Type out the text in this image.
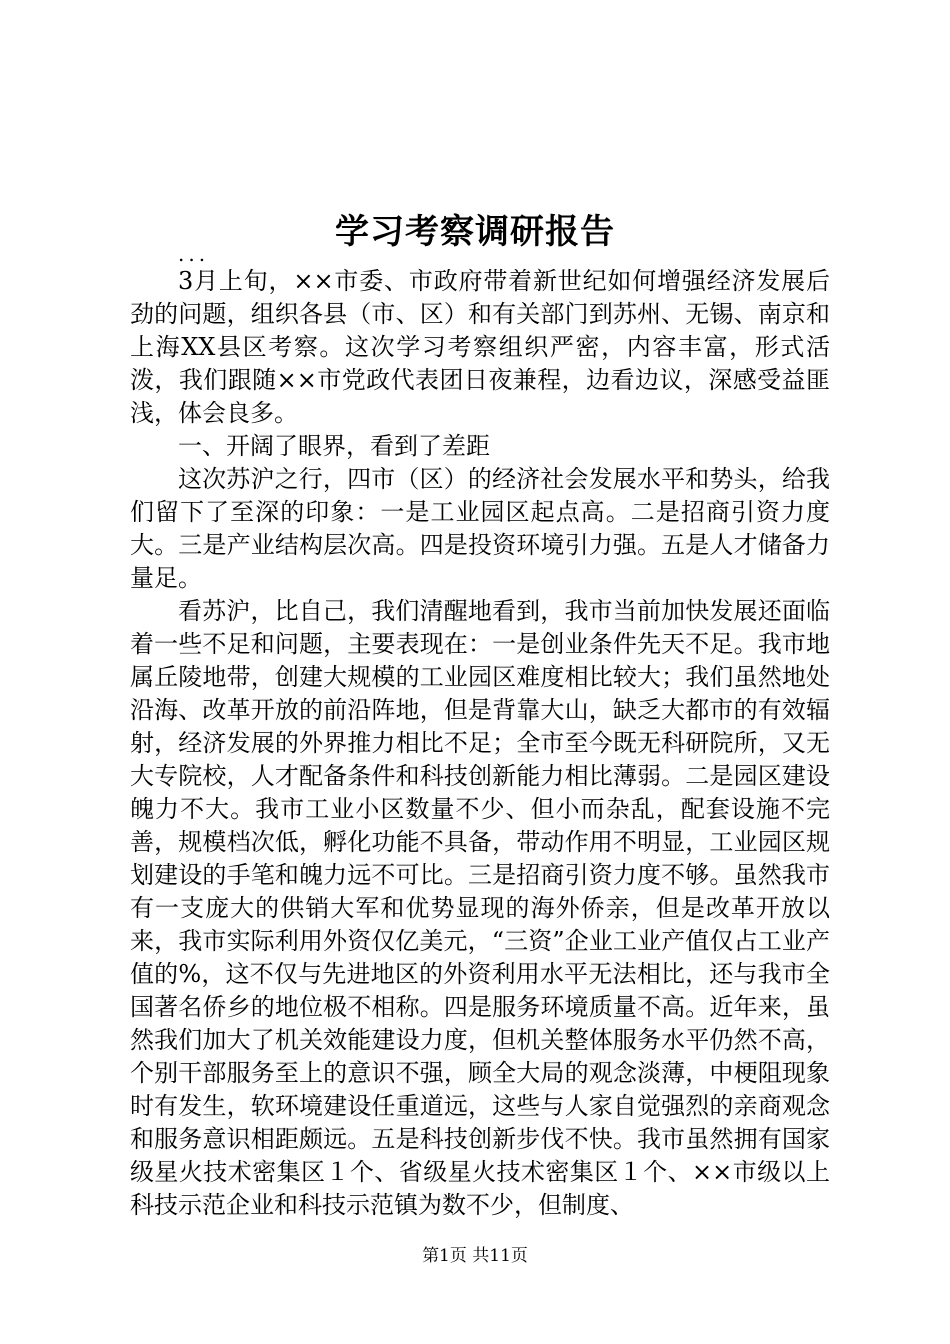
学习考察调研报告

...

3月上旬，××市委、市政府带着新世纪如何增强经济发展后劲的问题，组织各县（市、区）和有关部门到苏州、无锡、南京和上海XX县区考察。这次学习考察组织严密，内容丰富，形式活泼，我们跟随××市党政代表团日夜兼程，边看边议，深感受益匪浅，体会良多。

一、开阔了眼界，看到了差距

这次苏沪之行，四市（区）的经济社会发展水平和势头，给我们留下了至深的印象：一是工业园区起点高。二是招商引资力度大。三是产业结构层次高。四是投资环境引力强。五是人才储备力量足。

看苏沪，比自己，我们清醒地看到，我市当前加快发展还面临着一些不足和问题，主要表现在：一是创业条件先天不足。我市地属丘陵地带，创建大规模的工业园区难度相比较大；我们虽然地处沿海、改革开放的前沿阵地，但是背靠大山，缺乏大都市的有效辐射，经济发展的外界推力相比不足；全市至今既无科研院所，又无大专院校，人才配备条件和科技创新能力相比薄弱。二是园区建设魄力不大。我市工业小区数量不少、但小而杂乱，配套设施不完善，规模档次低，孵化功能不具备，带动作用不明显，工业园区规划建设的手笔和魄力远不可比。三是招商引资力度不够。虽然我市有一支庞大的供销大军和优势显现的海外侨亲，但是改革开放以来，我市实际利用外资仅亿美元，“三资”企业工业产值仅占工业产值的%，这不仅与先进地区的外资利用水平无法相比，还与我市全国著名侨乡的地位极不相称。四是服务环境质量不高。近年来，虽然我们加大了机关效能建设力度，但机关整体服务水平仍然不高，个别干部服务至上的意识不强，顾全大局的观念淡薄，中梗阻现象时有发生，软环境建设任重道远，这些与人家自觉强烈的亲商观念和服务意识相距颇远。五是科技创新步伐不快。我市虽然拥有国家级星火技术密集区１个、省级星火技术密集区１个、××市级以上科技示范企业和科技示范镇为数不少，但制度、

第1页 共11页
